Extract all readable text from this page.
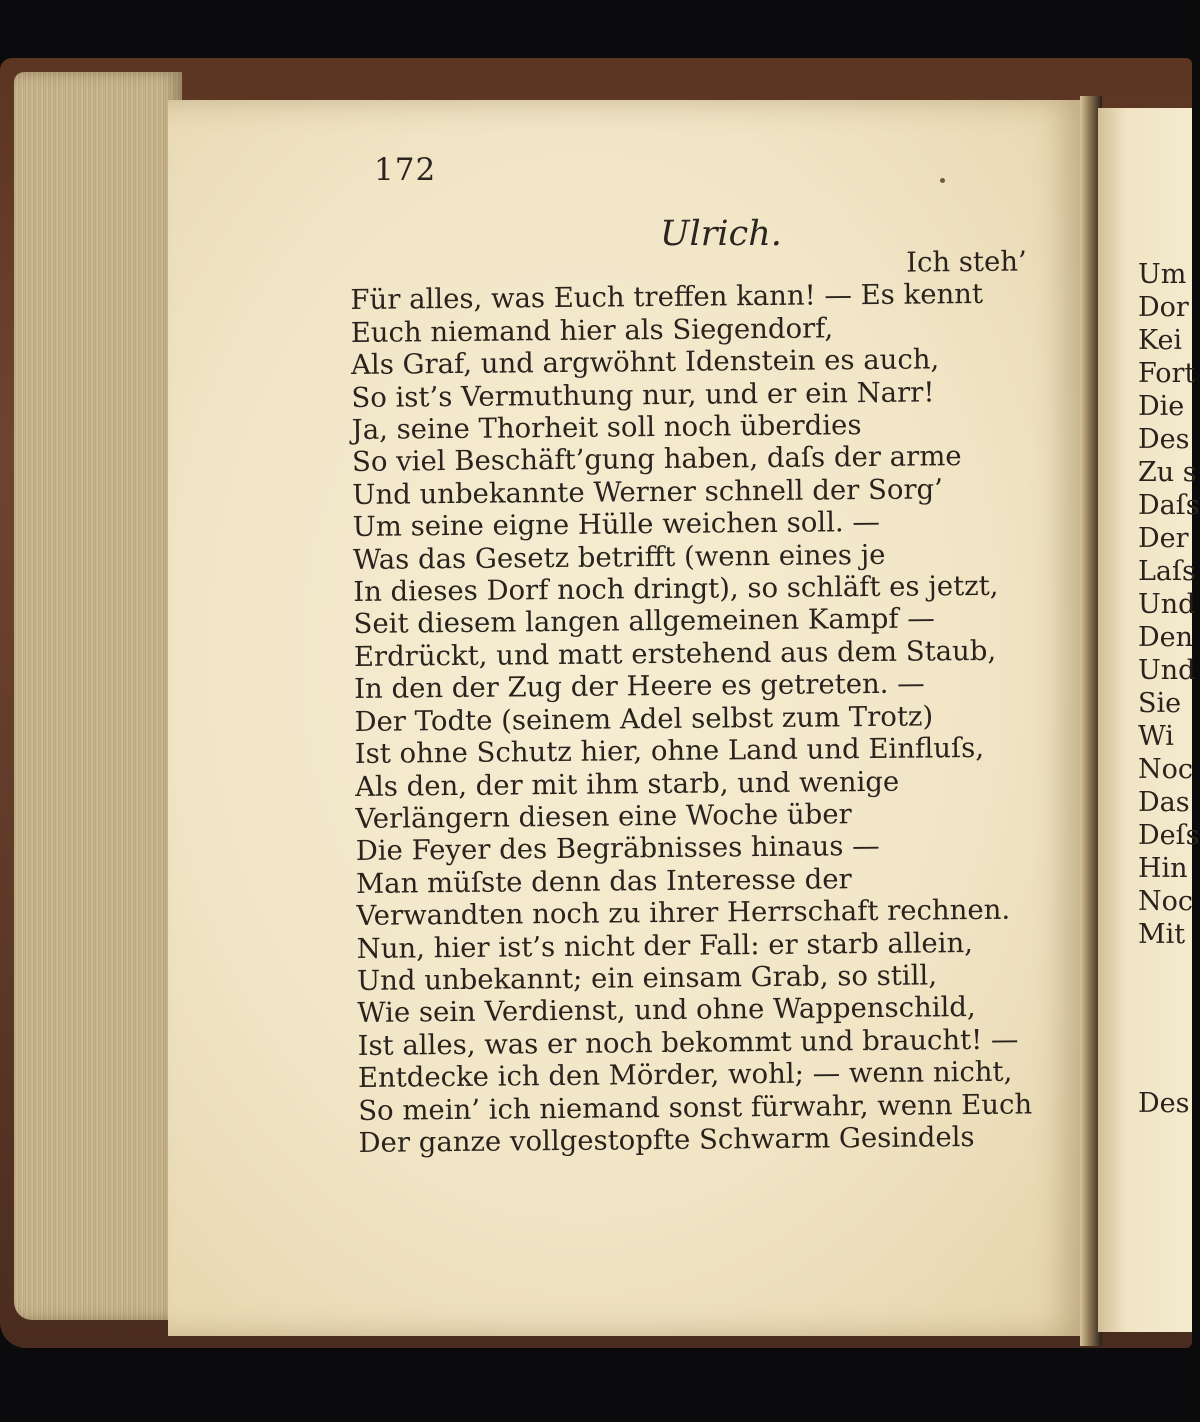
Um
Dor
Kei
Fort
Die
Des
Zu s
Daſs
Der
Laſs
Und
Den
Und
Sie
Wi
Noc
Das
Deſs
Hin
Noc
Mit
Des
172
Ulrich.
Ich steh’
Für alles, was Euch treffen kann! — Es kennt
Euch niemand hier als Siegendorf,
Als Graf, und argwöhnt Idenstein es auch,
So ist’s Vermuthung nur, und er ein Narr!
Ja, seine Thorheit soll noch überdies
So viel Beschäft’gung haben, daſs der arme
Und unbekannte Werner schnell der Sorg’
Um seine eigne Hülle weichen soll. —
Was das Gesetz betrifft (wenn eines je
In dieses Dorf noch dringt), so schläft es jetzt,
Seit diesem langen allgemeinen Kampf —
Erdrückt, und matt erstehend aus dem Staub,
In den der Zug der Heere es getreten. —
Der Todte (seinem Adel selbst zum Trotz)
Ist ohne Schutz hier, ohne Land und Einfluſs,
Als den, der mit ihm starb, und wenige
Verlängern diesen eine Woche über
Die Feyer des Begräbnisses hinaus —
Man müſste denn das Interesse der
Verwandten noch zu ihrer Herrschaft rechnen.
Nun, hier ist’s nicht der Fall: er starb allein,
Und unbekannt; ein einsam Grab, so still,
Wie sein Verdienst, und ohne Wappenschild,
Ist alles, was er noch bekommt und braucht! —
Entdecke ich den Mörder, wohl; — wenn nicht,
So mein’ ich niemand sonst fürwahr, wenn Euch
Der ganze vollgestopfte Schwarm Gesindels
